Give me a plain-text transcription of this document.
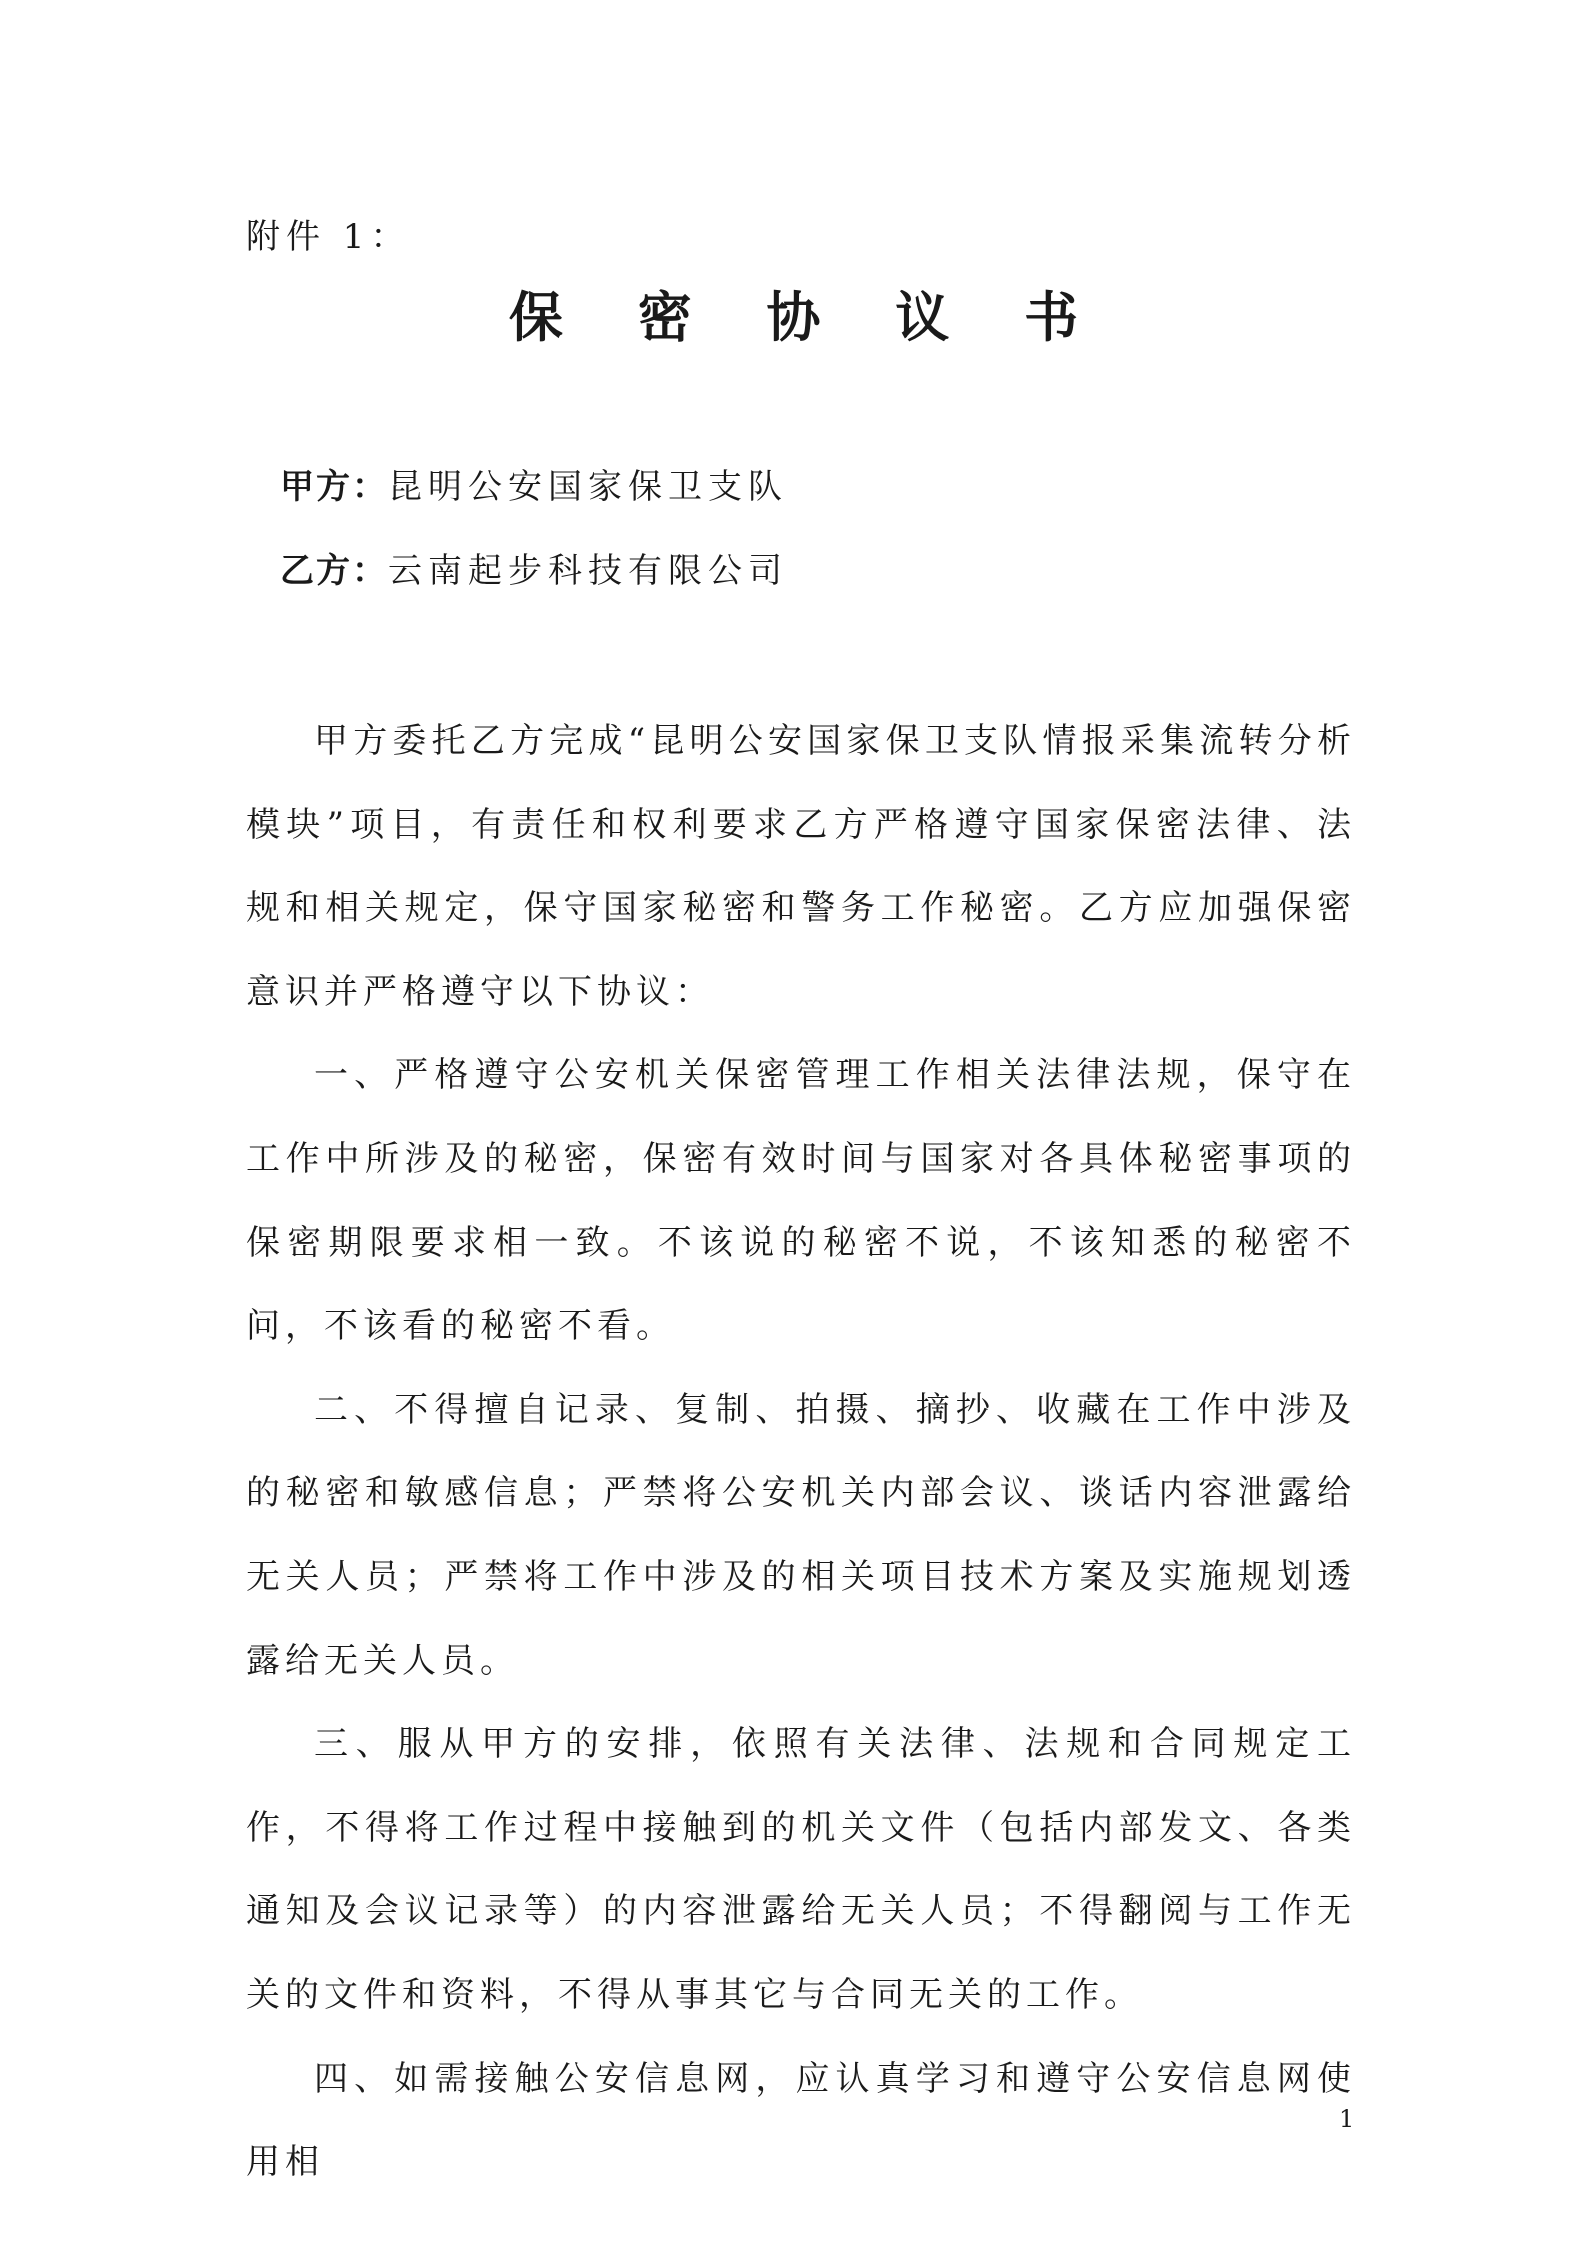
附件 1：
保 密 协 议 书
甲方：昆明公安国家保卫支队
乙方：云南起步科技有限公司

甲方委托乙方完成“昆明公安国家保卫支队情报采集流转分析模块”项目，有责任和权利要求乙方严格遵守国家保密法律、法规和相关规定，保守国家秘密和警务工作秘密。乙方应加强保密意识并严格遵守以下协议：

一、严格遵守公安机关保密管理工作相关法律法规，保守在工作中所涉及的秘密，保密有效时间与国家对各具体秘密事项的保密期限要求相一致。不该说的秘密不说，不该知悉的秘密不问，不该看的秘密不看。

二、不得擅自记录、复制、拍摄、摘抄、收藏在工作中涉及的秘密和敏感信息；严禁将公安机关内部会议、谈话内容泄露给无关人员；严禁将工作中涉及的相关项目技术方案及实施规划透露给无关人员。

三、服从甲方的安排，依照有关法律、法规和合同规定工作，不得将工作过程中接触到的机关文件（包括内部发文、各类通知及会议记录等）的内容泄露给无关人员；不得翻阅与工作无关的文件和资料，不得从事其它与合同无关的工作。

四、如需接触公安信息网，应认真学习和遵守公安信息网使用相

1
